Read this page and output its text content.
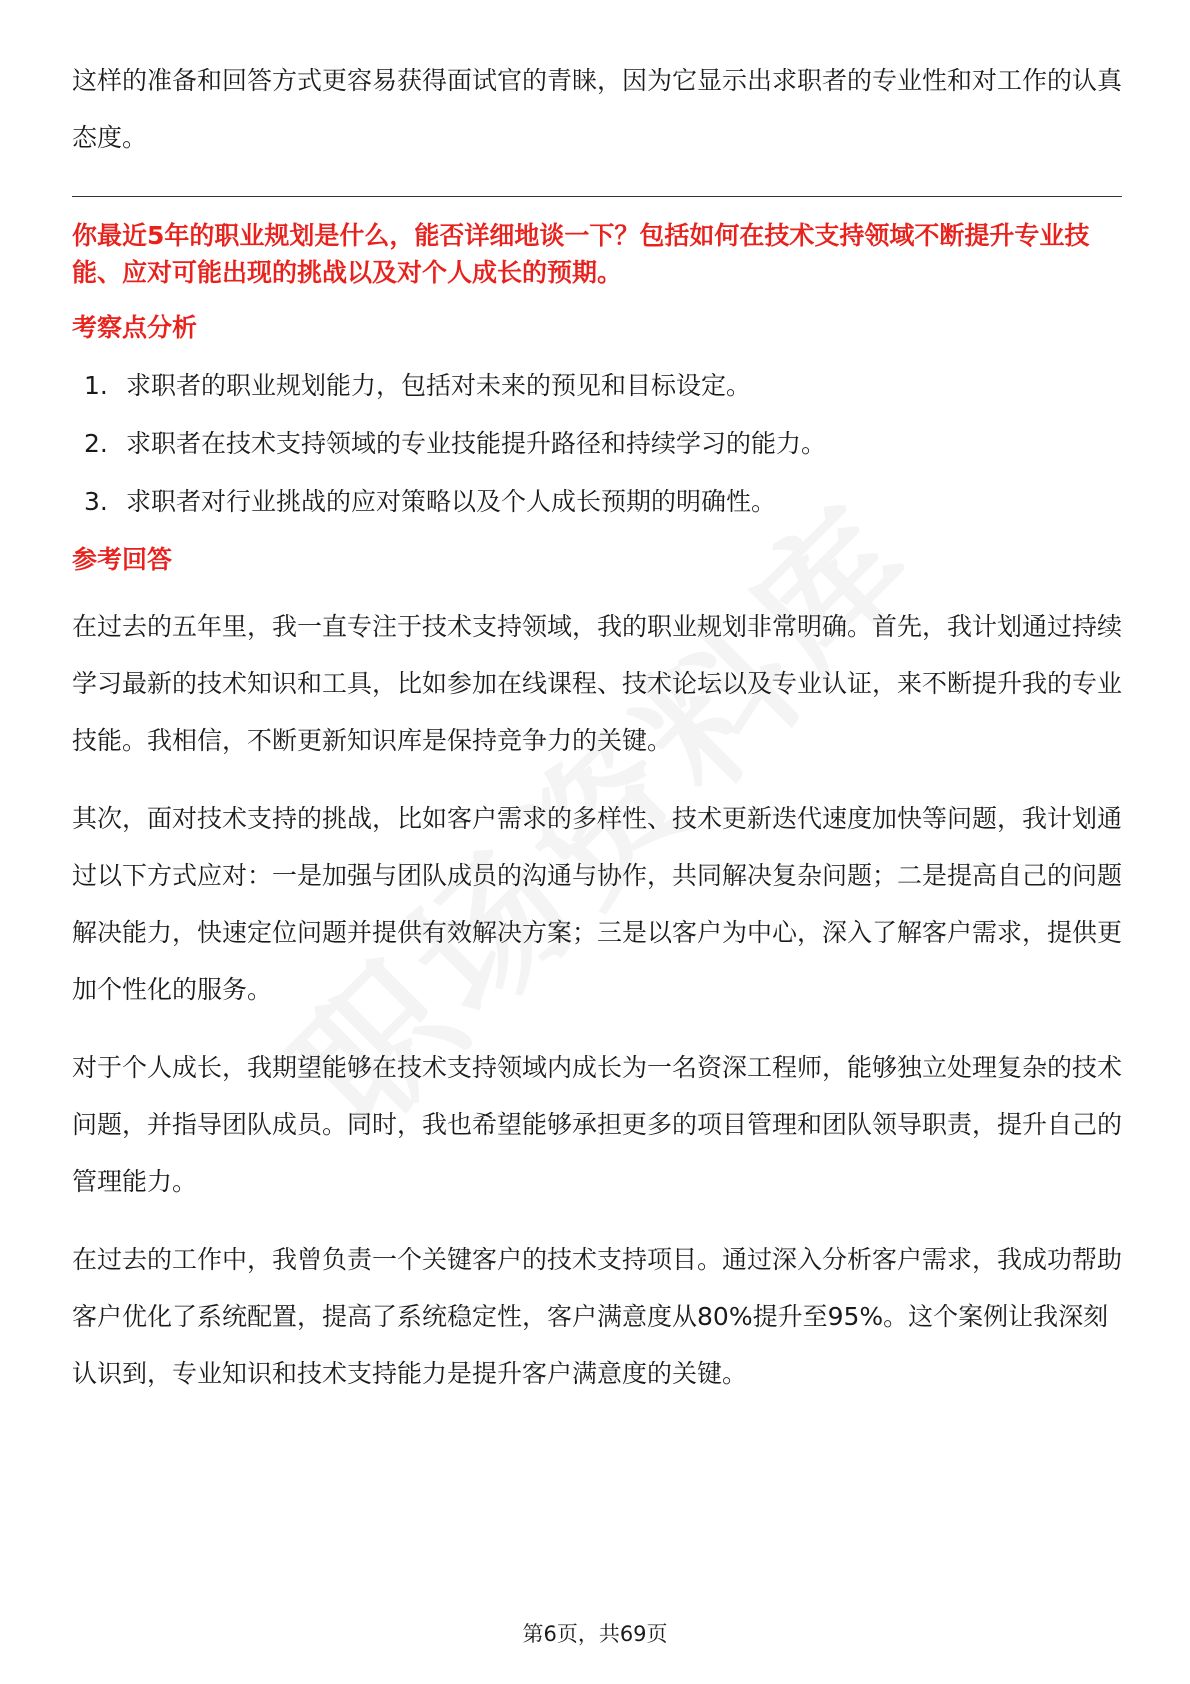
这样的准备和回答方式更容易获得面试官的青睐，因为它显示出求职者的专业性和对工作的认真态度。

你最近5年的职业规划是什么，能否详细地谈一下？包括如何在技术支持领域不断提升专业技能、应对可能出现的挑战以及对个人成长的预期。

考察点分析
1. 求职者的职业规划能力，包括对未来的预见和目标设定。
2. 求职者在技术支持领域的专业技能提升路径和持续学习的能力。
3. 求职者对行业挑战的应对策略以及个人成长预期的明确性。
参考回答

在过去的五年里，我一直专注于技术支持领域，我的职业规划非常明确。首先，我计划通过持续学习最新的技术知识和工具，比如参加在线课程、技术论坛以及专业认证，来不断提升我的专业技能。我相信，不断更新知识库是保持竞争力的关键。

其次，面对技术支持的挑战，比如客户需求的多样性、技术更新迭代速度加快等问题，我计划通过以下方式应对：一是加强与团队成员的沟通与协作，共同解决复杂问题；二是提高自己的问题解决能力，快速定位问题并提供有效解决方案；三是以客户为中心，深入了解客户需求，提供更加个性化的服务。

对于个人成长，我期望能够在技术支持领域内成长为一名资深工程师，能够独立处理复杂的技术问题，并指导团队成员。同时，我也希望能够承担更多的项目管理和团队领导职责，提升自己的管理能力。

在过去的工作中，我曾负责一个关键客户的技术支持项目。通过深入分析客户需求，我成功帮助客户优化了系统配置，提高了系统稳定性，客户满意度从80%提升至95%。这个案例让我深刻认识到，专业知识和技术支持能力是提升客户满意度的关键。

第6页，共69页
